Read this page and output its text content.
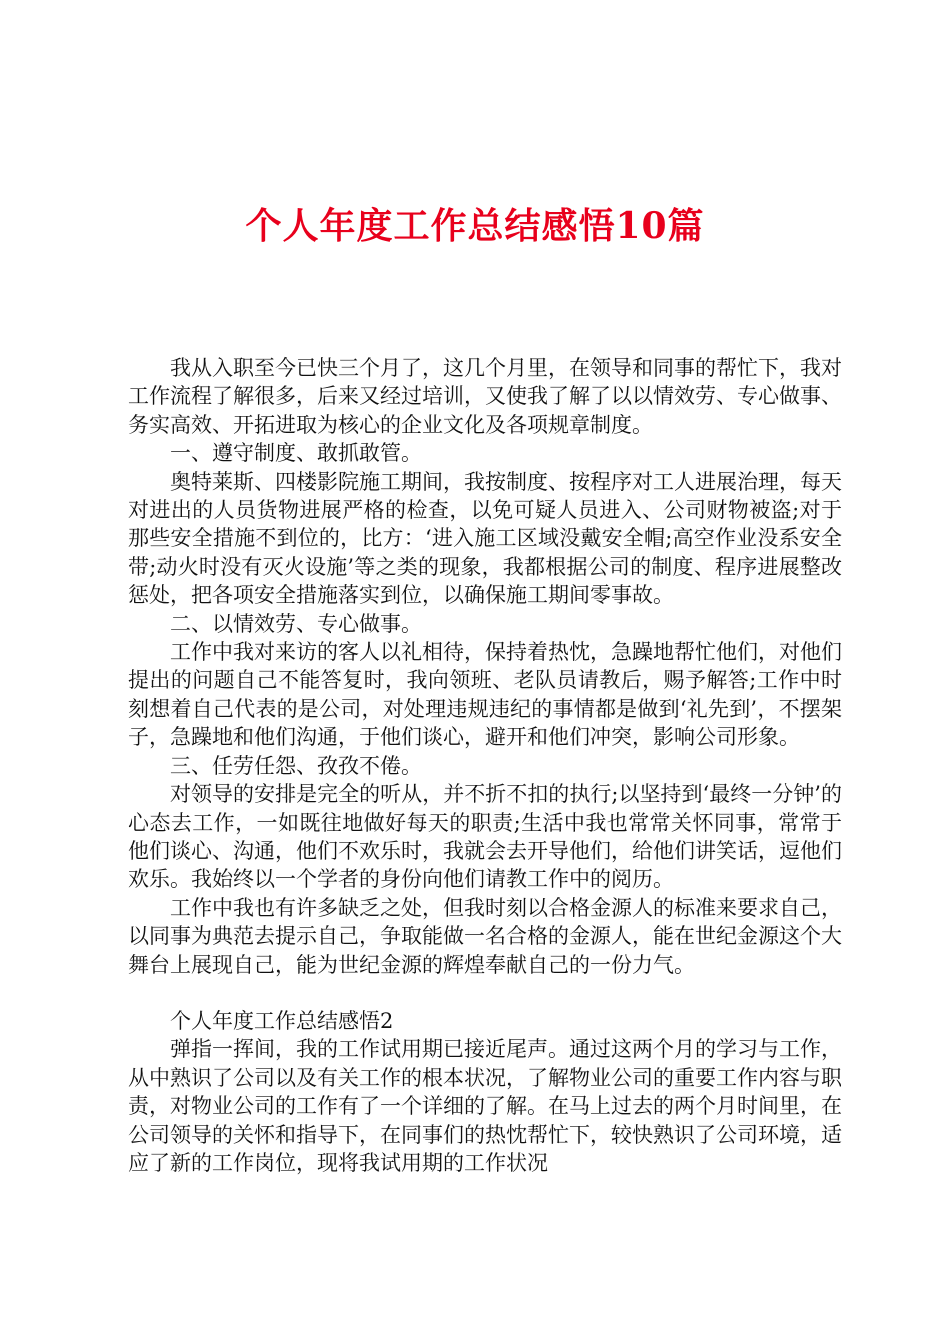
个人年度工作总结感悟10篇

我从入职至今已快三个月了，这几个月里，在领导和同事的帮忙下，我对工作流程了解很多，后来又经过培训，又使我了解了以以情效劳、专心做事、务实高效、开拓进取为核心的企业文化及各项规章制度。

一、遵守制度、敢抓敢管。

奥特莱斯、四楼影院施工期间，我按制度、按程序对工人进展治理，每天对进出的人员货物进展严格的检查，以免可疑人员进入、公司财物被盗;对于那些安全措施不到位的，比方：‘进入施工区域没戴安全帽;高空作业没系安全带;动火时没有灭火设施’等之类的现象，我都根据公司的制度、程序进展整改惩处，把各项安全措施落实到位，以确保施工期间零事故。

二、以情效劳、专心做事。

工作中我对来访的客人以礼相待，保持着热忱，急躁地帮忙他们，对他们提出的问题自己不能答复时，我向领班、老队员请教后，赐予解答;工作中时刻想着自己代表的是公司，对处理违规违纪的事情都是做到‘礼先到’，不摆架子，急躁地和他们沟通，于他们谈心，避开和他们冲突，影响公司形象。

三、任劳任怨、孜孜不倦。

对领导的安排是完全的听从，并不折不扣的执行;以坚持到‘最终一分钟’的心态去工作，一如既往地做好每天的职责;生活中我也常常关怀同事，常常于他们谈心、沟通，他们不欢乐时，我就会去开导他们，给他们讲笑话，逗他们欢乐。我始终以一个学者的身份向他们请教工作中的阅历。

工作中我也有许多缺乏之处，但我时刻以合格金源人的标准来要求自己，以同事为典范去提示自己，争取能做一名合格的金源人，能在世纪金源这个大舞台上展现自己，能为世纪金源的辉煌奉献自己的一份力气。

个人年度工作总结感悟2

弹指一挥间，我的工作试用期已接近尾声。通过这两个月的学习与工作，从中熟识了公司以及有关工作的根本状况，了解物业公司的重要工作内容与职责，对物业公司的工作有了一个详细的了解。在马上过去的两个月时间里，在公司领导的关怀和指导下，在同事们的热忱帮忙下，较快熟识了公司环境，适应了新的工作岗位，现将我试用期的工作状况
